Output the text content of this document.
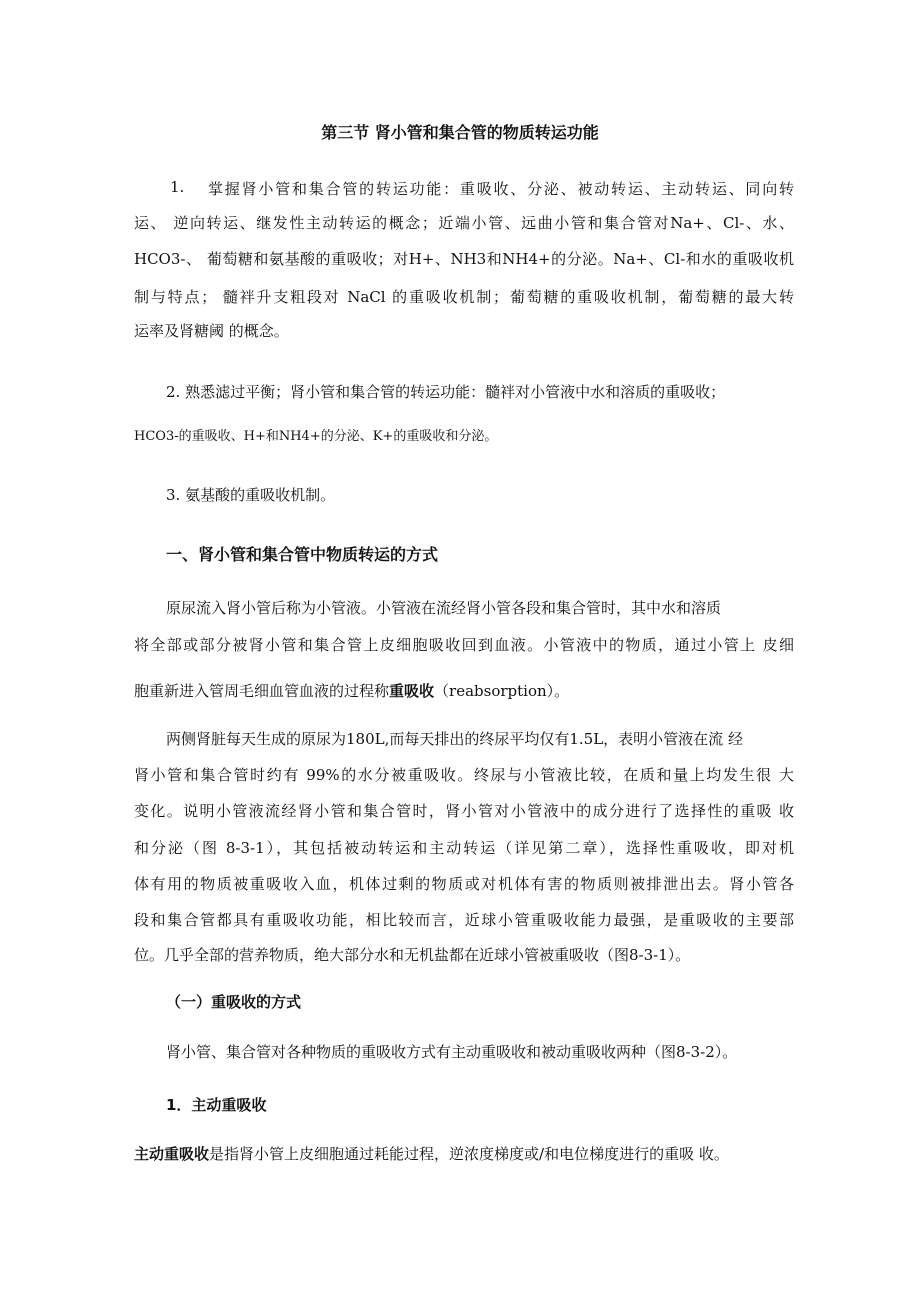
第三节 肾小管和集合管的物质转运功能
1. 掌握肾小管和集合管的转运功能：重吸收、分泌、被动转运、主动转运、同向转
运、 逆向转运、继发性主动转运的概念；近端小管、远曲小管和集合管对Na+、Cl-、水、
HCO3-、 葡萄糖和氨基酸的重吸收；对H+、NH3和NH4+的分泌。Na+、Cl-和水的重吸收机
制与特点； 髓袢升支粗段对 NaCl 的重吸收机制；葡萄糖的重吸收机制，葡萄糖的最大转
运率及肾糖阈 的概念。
2. 熟悉滤过平衡；肾小管和集合管的转运功能：髓袢对小管液中水和溶质的重吸收；
HCO3-的重吸收、H+和NH4+的分泌、K+的重吸收和分泌。
3. 氨基酸的重吸收机制。
一、肾小管和集合管中物质转运的方式
原尿流入肾小管后称为小管液。小管液在流经肾小管各段和集合管时，其中水和溶质
将全部或部分被肾小管和集合管上皮细胞吸收回到血液。小管液中的物质，通过小管上 皮细
胞重新进入管周毛细血管血液的过程称重吸收（reabsorption）。
两侧肾脏每天生成的原尿为180L,而每天排出的终尿平均仅有1.5L，表明小管液在流 经
肾小管和集合管时约有 99%的水分被重吸收。终尿与小管液比较，在质和量上均发生很 大
变化。说明小管液流经肾小管和集合管时，肾小管对小管液中的成分进行了选择性的重吸 收
和分泌（图 8-3-1），其包括被动转运和主动转运（详见第二章），选择性重吸收，即对机
体有用的物质被重吸收入血，机体过剩的物质或对机体有害的物质则被排泄出去。肾小管各
段和集合管都具有重吸收功能，相比较而言，近球小管重吸收能力最强，是重吸收的主要部
位。几乎全部的营养物质，绝大部分水和无机盐都在近球小管被重吸收（图8-3-1）。
（一）重吸收的方式
肾小管、集合管对各种物质的重吸收方式有主动重吸收和被动重吸收两种（图8-3-2）。
1．主动重吸收
主动重吸收是指肾小管上皮细胞通过耗能过程，逆浓度梯度或/和电位梯度进行的重吸 收。
